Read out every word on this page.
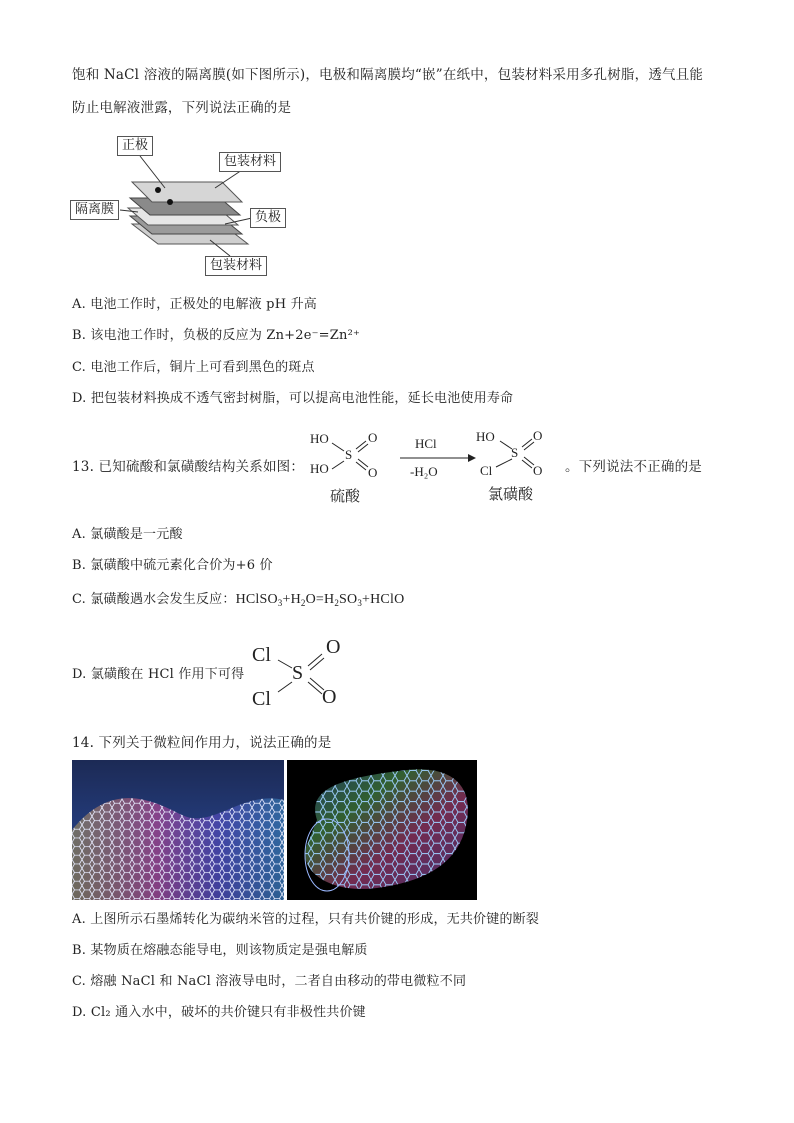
饱和 NaCl 溶液的隔离膜(如下图所示)，电极和隔离膜均“嵌”在纸中，包装材料采用多孔树脂，透气且能
防止电解液泄露，下列说法正确的是
正极
包装材料
隔离膜
负极
包装材料
A. 电池工作时，正极处的电解液 pH 升高
B. 该电池工作时，负极的反应为 Zn+2e⁻=Zn²⁺
C. 电池工作后，铜片上可看到黑色的斑点
D. 把包装材料换成不透气密封树脂，可以提高电池性能，延长电池使用寿命
13. 已知硫酸和氯磺酸结构关系如图：
HO
HO
S
O
O
硫酸
HCl
-H₂O
HO
Cl
S
O
O
氯磺酸
。下列说法不正确的是
A. 氯磺酸是一元酸
B. 氯磺酸中硫元素化合价为+6 价
C. 氯磺酸遇水会发生反应：$HClSO_3+H_2O=H_2SO_3+HClO$
D. 氯磺酸在 HCl 作用下可得
Cl
Cl
S
O
O
14. 下列关于微粒间作用力，说法正确的是
A. 上图所示石墨烯转化为碳纳米管的过程，只有共价键的形成，无共价键的断裂
B. 某物质在熔融态能导电，则该物质定是强电解质
C. 熔融 NaCl 和 NaCl 溶液导电时，二者自由移动的带电微粒不同
D. Cl₂ 通入水中，破坏的共价键只有非极性共价键
